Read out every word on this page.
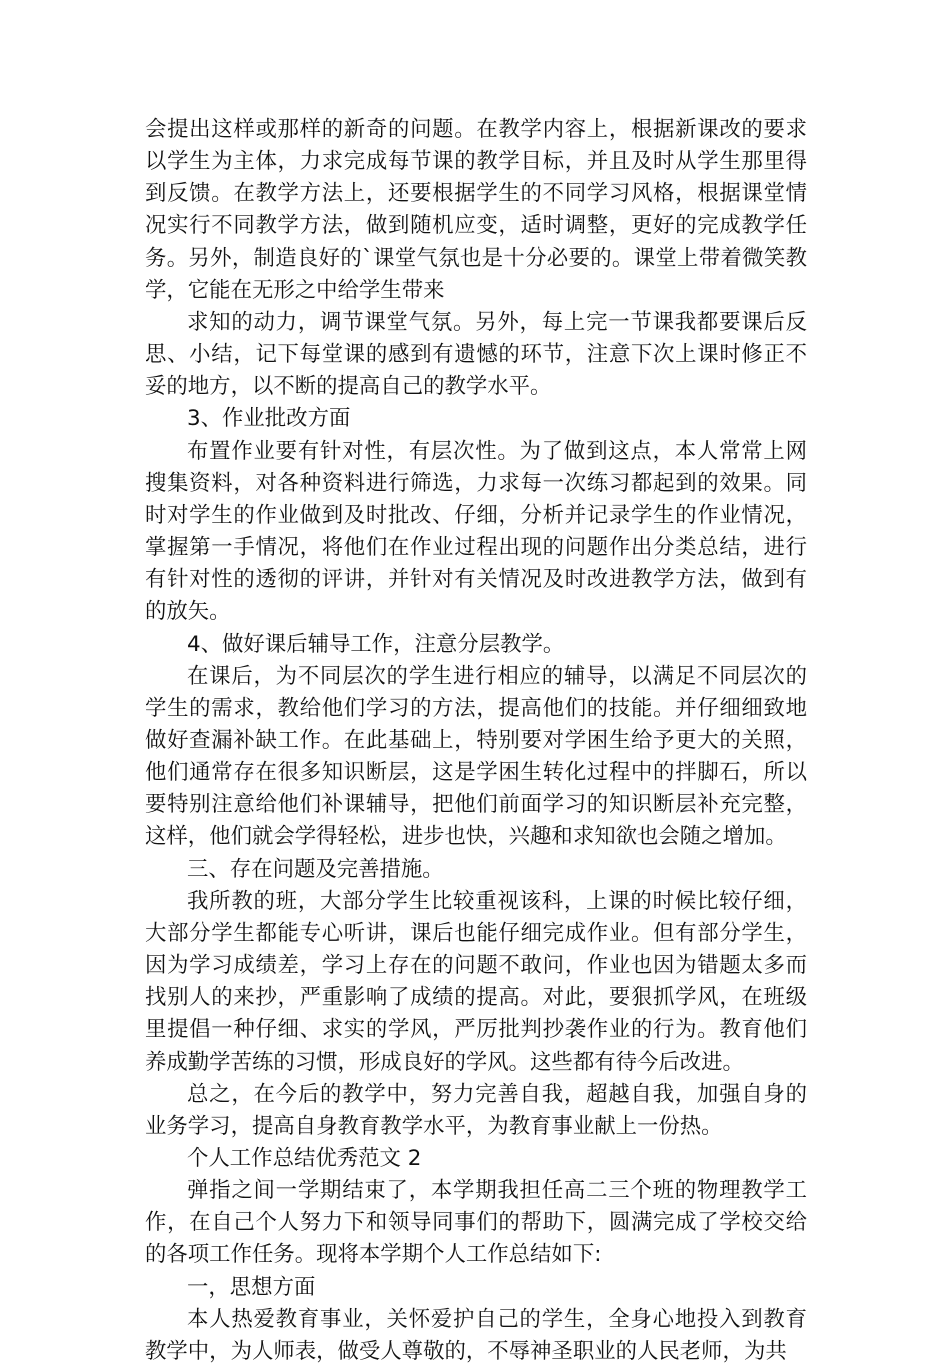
会提出这样或那样的新奇的问题。在教学内容上，根据新课改的要求以学生为主体，力求完成每节课的教学目标，并且及时从学生那里得到反馈。在教学方法上，还要根据学生的不同学习风格，根据课堂情况实行不同教学方法，做到随机应变，适时调整，更好的完成教学任务。另外，制造良好的`课堂气氛也是十分必要的。课堂上带着微笑教学，它能在无形之中给学生带来

求知的动力，调节课堂气氛。另外，每上完一节课我都要课后反思、小结，记下每堂课的感到有遗憾的环节，注意下次上课时修正不妥的地方，以不断的提高自己的教学水平。

3、作业批改方面

布置作业要有针对性，有层次性。为了做到这点，本人常常上网搜集资料，对各种资料进行筛选，力求每一次练习都起到的效果。同时对学生的作业做到及时批改、仔细，分析并记录学生的作业情况，掌握第一手情况，将他们在作业过程出现的问题作出分类总结，进行有针对性的透彻的评讲，并针对有关情况及时改进教学方法，做到有的放矢。

4、做好课后辅导工作，注意分层教学。

在课后，为不同层次的学生进行相应的辅导，以满足不同层次的学生的需求，教给他们学习的方法，提高他们的技能。并仔细细致地做好查漏补缺工作。在此基础上，特别要对学困生给予更大的关照，他们通常存在很多知识断层，这是学困生转化过程中的拌脚石，所以要特别注意给他们补课辅导，把他们前面学习的知识断层补充完整，这样，他们就会学得轻松，进步也快，兴趣和求知欲也会随之增加。

三、存在问题及完善措施。

我所教的班，大部分学生比较重视该科，上课的时候比较仔细，大部分学生都能专心听讲，课后也能仔细完成作业。但有部分学生，因为学习成绩差，学习上存在的问题不敢问，作业也因为错题太多而找别人的来抄，严重影响了成绩的提高。对此，要狠抓学风，在班级里提倡一种仔细、求实的学风，严厉批判抄袭作业的行为。教育他们养成勤学苦练的习惯，形成良好的学风。这些都有待今后改进。

总之，在今后的教学中，努力完善自我，超越自我，加强自身的业务学习，提高自身教育教学水平，为教育事业献上一份热。

个人工作总结优秀范文 2

弹指之间一学期结束了，本学期我担任高二三个班的物理教学工作，在自己个人努力下和领导同事们的帮助下，圆满完成了学校交给的各项工作任务。现将本学期个人工作总结如下:

一，思想方面

本人热爱教育事业，关怀爱护自己的学生，全身心地投入到教育教学中，为人师表，做受人尊敬的，不辱神圣职业的人民老师，为共
